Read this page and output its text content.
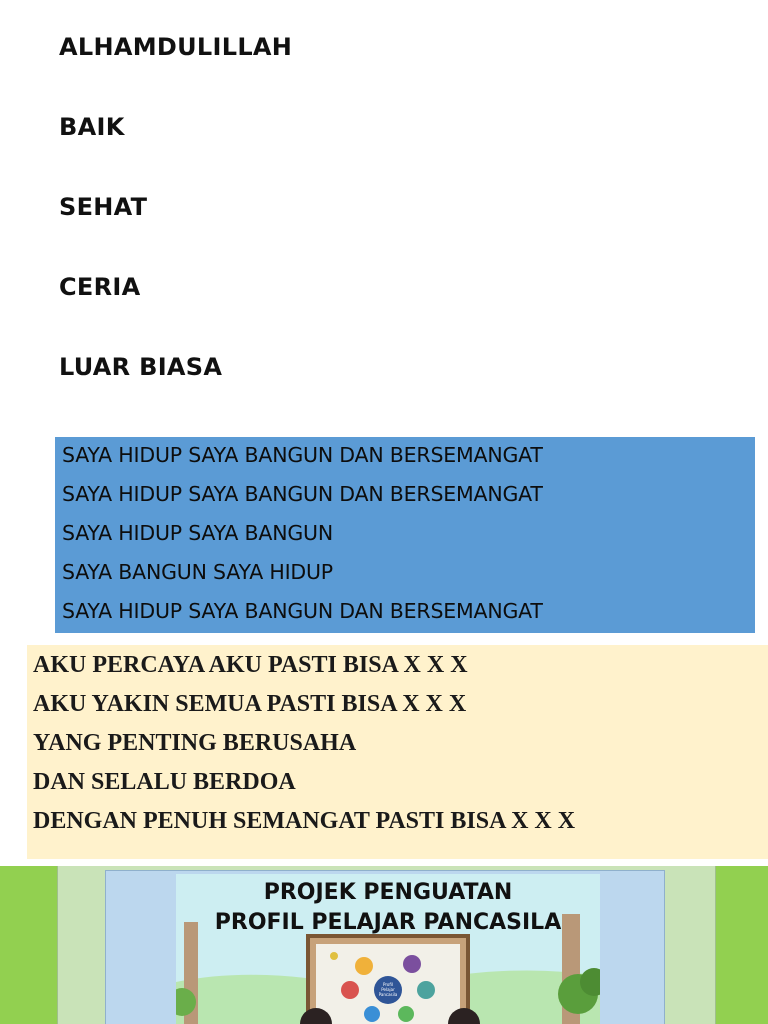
ALHAMDULILLAH
BAIK
SEHAT
CERIA
LUAR BIASA
SAYA HIDUP SAYA BANGUN DAN BERSEMANGAT
SAYA HIDUP SAYA BANGUN DAN BERSEMANGAT
SAYA HIDUP SAYA BANGUN
SAYA BANGUN SAYA HIDUP
SAYA HIDUP SAYA BANGUN DAN BERSEMANGAT
AKU PERCAYA AKU PASTI BISA X X X
AKU YAKIN SEMUA PASTI BISA X X X
YANG PENTING BERUSAHA
DAN SELALU BERDOA
DENGAN PENUH SEMANGAT PASTI BISA X X X
Profil
Pelajar
Pancasila
PROJEK PENGUATAN
PROFIL PELAJAR PANCASILA
